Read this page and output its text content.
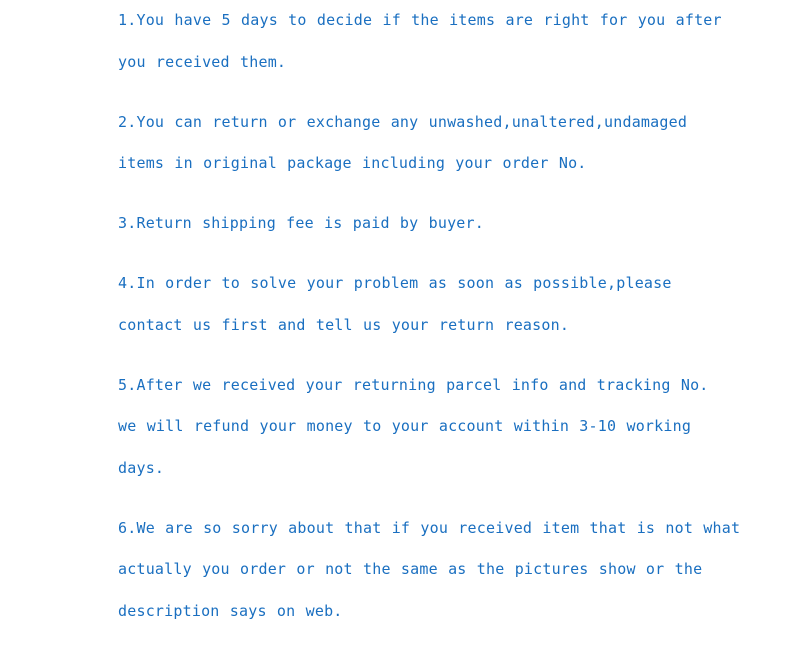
1.You have 5 days to decide if the items are right for you after
you received them.
2.You can return or exchange any unwashed,unaltered,undamaged
items in original package including your order No.
3.Return shipping fee is paid by buyer.
4.In order to solve your problem as soon as possible,please
contact us first and tell us your return reason.
5.After we received your returning parcel info and tracking No.
we will refund your money to your account within 3-10 working
days.
6.We are so sorry about that if you received item that is not what
actually you order or not the same as the pictures show or the
description says on web.
